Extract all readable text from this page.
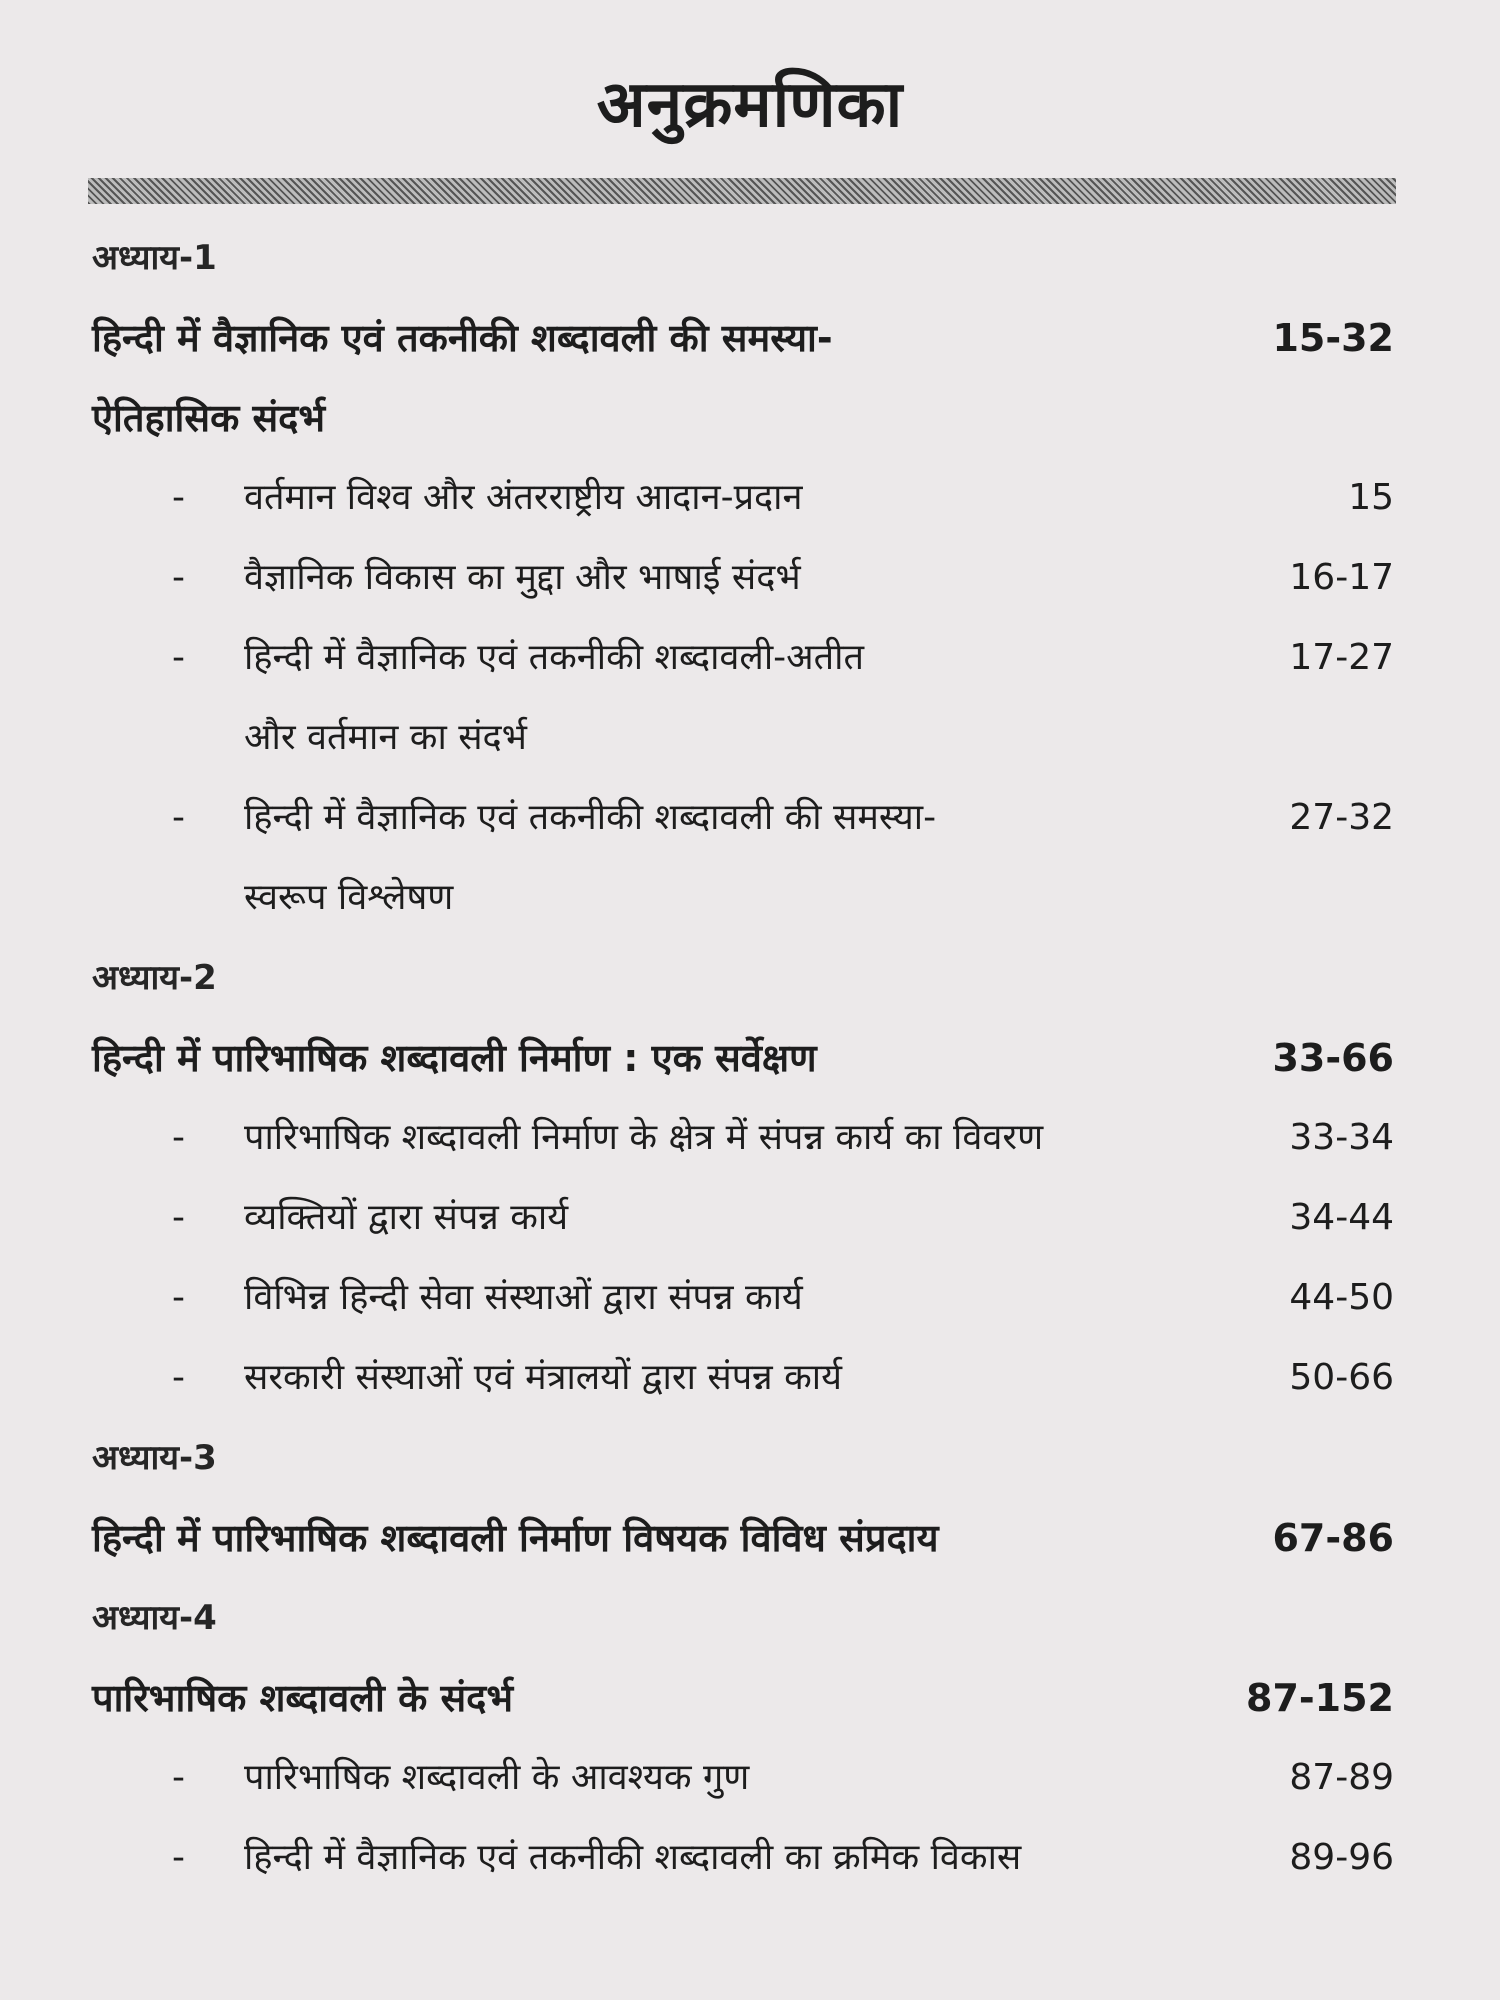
अनुक्रमणिका
अध्याय-1
हिन्दी में वैज्ञानिक एवं तकनीकी शब्दावली की समस्या-	15-32
ऐतिहासिक संदर्भ
-	वर्तमान विश्व और अंतरराष्ट्रीय आदान-प्रदान	15
-	वैज्ञानिक विकास का मुद्दा और भाषाई संदर्भ	16-17
-	हिन्दी में वैज्ञानिक एवं तकनीकी शब्दावली-अतीत	17-27
और वर्तमान का संदर्भ
-	हिन्दी में वैज्ञानिक एवं तकनीकी शब्दावली की समस्या-	27-32
स्वरूप विश्लेषण
अध्याय-2
हिन्दी में पारिभाषिक शब्दावली निर्माण : एक सर्वेक्षण	33-66
-	पारिभाषिक शब्दावली निर्माण के क्षेत्र में संपन्न कार्य का विवरण	33-34
-	व्यक्तियों द्वारा संपन्न कार्य	34-44
-	विभिन्न हिन्दी सेवा संस्थाओं द्वारा संपन्न कार्य	44-50
-	सरकारी संस्थाओं एवं मंत्रालयों द्वारा संपन्न कार्य	50-66
अध्याय-3
हिन्दी में पारिभाषिक शब्दावली निर्माण विषयक विविध संप्रदाय	67-86
अध्याय-4
पारिभाषिक शब्दावली के संदर्भ	87-152
-	पारिभाषिक शब्दावली के आवश्यक गुण	87-89
-	हिन्दी में वैज्ञानिक एवं तकनीकी शब्दावली का क्रमिक विकास	89-96
